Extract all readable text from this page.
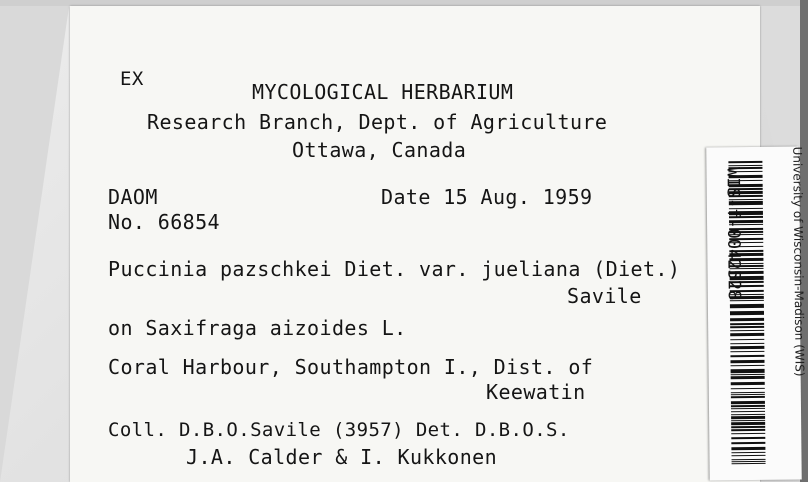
EX
MYCOLOGICAL HERBARIUM
Research Branch, Dept. of Agriculture
Ottawa, Canada
DAOM	Date 15 Aug. 1959
No. 66854
Puccinia pazschkei Diet. var. jueliana (Diet.)
Savile
on Saxifraga aizoides L.
Coral Harbour, Southampton I., Dist. of
Keewatin
Coll. D.B.O.Savile (3957) Det. D.B.O.S.
J.A. Calder & I. Kukkonen
WIS-f-0042528	University of Wisconsin-Madison (WIS)
